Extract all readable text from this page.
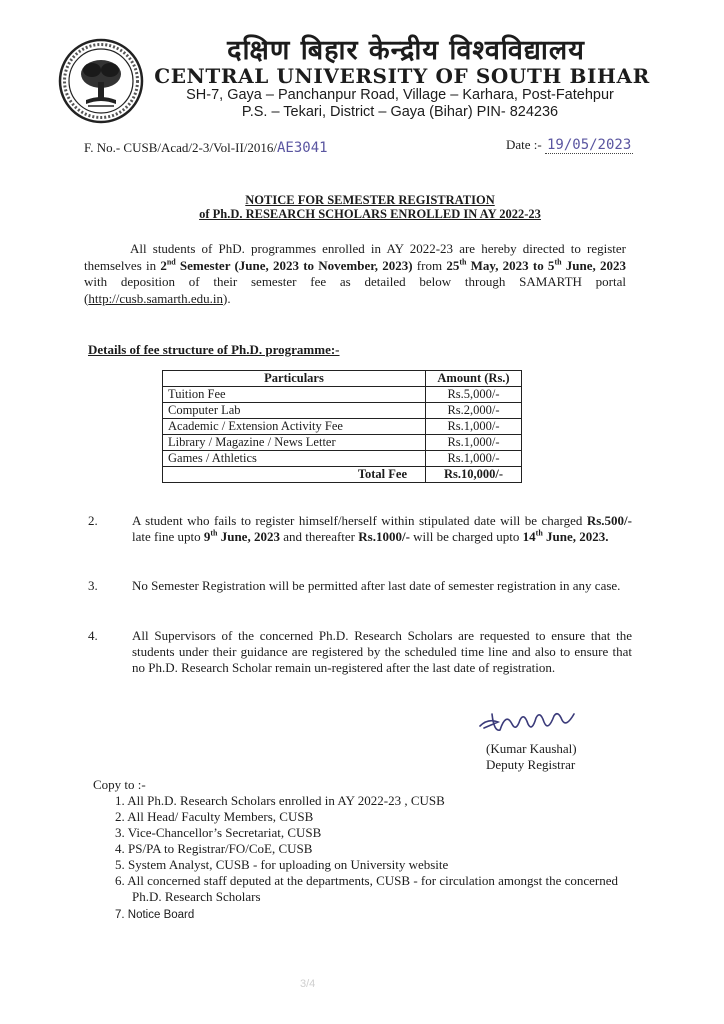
दक्षिण बिहार केन्द्रीय विश्वविद्यालय
CENTRAL UNIVERSITY OF SOUTH BIHAR
SH-7, Gaya – Panchanpur Road, Village – Karhara, Post-Fatehpur
P.S. – Tekari, District – Gaya (Bihar) PIN- 824236
F. No.- CUSB/Acad/2-3/Vol-II/2016/AE3041	Date :- 19/05/2023
NOTICE FOR SEMESTER REGISTRATION
of Ph.D. RESEARCH SCHOLARS ENROLLED IN AY 2022-23
All students of PhD. programmes enrolled in AY 2022-23 are hereby directed to register themselves in 2nd Semester (June, 2023 to November, 2023) from 25th May, 2023 to 5th June, 2023 with deposition of their semester fee as detailed below through SAMARTH portal (http://cusb.samarth.edu.in).
Details of fee structure of Ph.D. programme:-
Particulars	Amount (Rs.)
Tuition Fee	Rs.5,000/-
Computer Lab	Rs.2,000/-
Academic / Extension Activity Fee	Rs.1,000/-
Library / Magazine / News Letter	Rs.1,000/-
Games / Athletics	Rs.1,000/-
Total Fee	Rs.10,000/-
2.	A student who fails to register himself/herself within stipulated date will be charged Rs.500/- late fine upto 9th June, 2023 and thereafter Rs.1000/- will be charged upto 14th June, 2023.
3.	No Semester Registration will be permitted after last date of semester registration in any case.
4.	All Supervisors of the concerned Ph.D. Research Scholars are requested to ensure that the students under their guidance are registered by the scheduled time line and also to ensure that no Ph.D. Research Scholar remain un-registered after the last date of registration.
(Kumar Kaushal)
Deputy Registrar
Copy to :-
1. All Ph.D. Research Scholars enrolled in AY 2022-23 , CUSB
2. All Head/ Faculty Members, CUSB
3. Vice-Chancellor’s Secretariat, CUSB
4. PS/PA to Registrar/FO/CoE, CUSB
5. System Analyst, CUSB - for uploading on University website
6. All concerned staff deputed at the departments, CUSB - for circulation amongst the concerned Ph.D. Research Scholars
7. Notice Board
3/4
